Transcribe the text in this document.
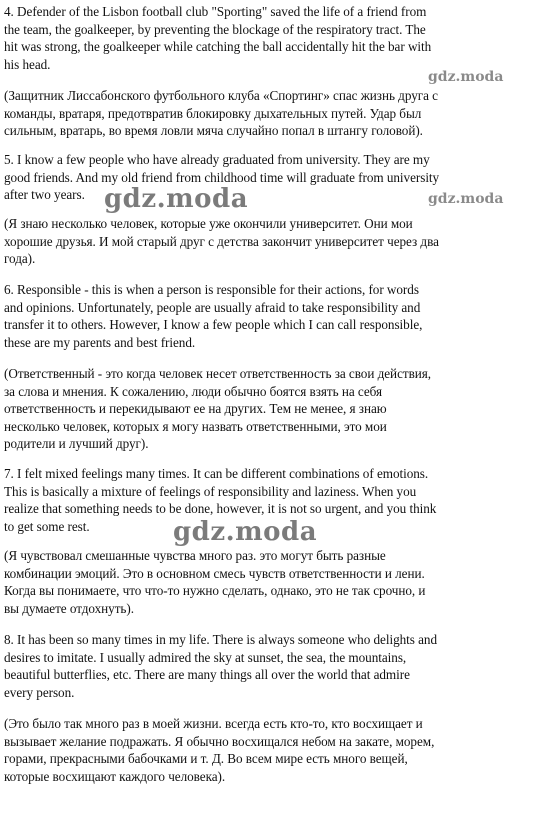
4. Defender of the Lisbon football club "Sporting" saved the life of a friend from
the team, the goalkeeper, by preventing the blockage of the respiratory tract. The
hit was strong, the goalkeeper while catching the ball accidentally hit the bar with
his head.
(Защитник Лиссабонского футбольного клуба «Спортинг» спас жизнь друга с
команды, вратаря, предотвратив блокировку дыхательных путей. Удар был
сильным, вратарь, во время ловли мяча случайно попал в штангу головой).
5. I know a few people who have already graduated from university. They are my
good friends. And my old friend from childhood time will graduate from university
after two years.
(Я знаю несколько человек, которые уже окончили университет. Они мои
хорошие друзья. И мой старый друг с детства закончит университет через два
года).
6. Responsible - this is when a person is responsible for their actions, for words
and opinions. Unfortunately, people are usually afraid to take responsibility and
transfer it to others. However, I know a few people which I can call responsible,
these are my parents and best friend.
(Ответственный - это когда человек несет ответственность за свои действия,
за слова и мнения. К сожалению, люди обычно боятся взять на себя
ответственность и перекидывают ее на других. Тем не менее, я знаю
несколько человек, которых я могу назвать ответственными, это мои
родители и лучший друг).
7. I felt mixed feelings many times. It can be different combinations of emotions.
This is basically a mixture of feelings of responsibility and laziness. When you
realize that something needs to be done, however, it is not so urgent, and you think
to get some rest.
(Я чувствовал смешанные чувства много раз. это могут быть разные
комбинации эмоций. Это в основном смесь чувств ответственности и лени.
Когда вы понимаете, что что-то нужно сделать, однако, это не так срочно, и
вы думаете отдохнуть).
8. It has been so many times in my life. There is always someone who delights and
desires to imitate. I usually admired the sky at sunset, the sea, the mountains,
beautiful butterflies, etc. There are many things all over the world that admire
every person.
(Это было так много раз в моей жизни. всегда есть кто-то, кто восхищает и
вызывает желание подражать. Я обычно восхищался небом на закате, морем,
горами, прекрасными бабочками и т. Д. Во всем мире есть много вещей,
которые восхищают каждого человека).
gdz.moda
gdz.moda	gdz.moda
gdz.moda
